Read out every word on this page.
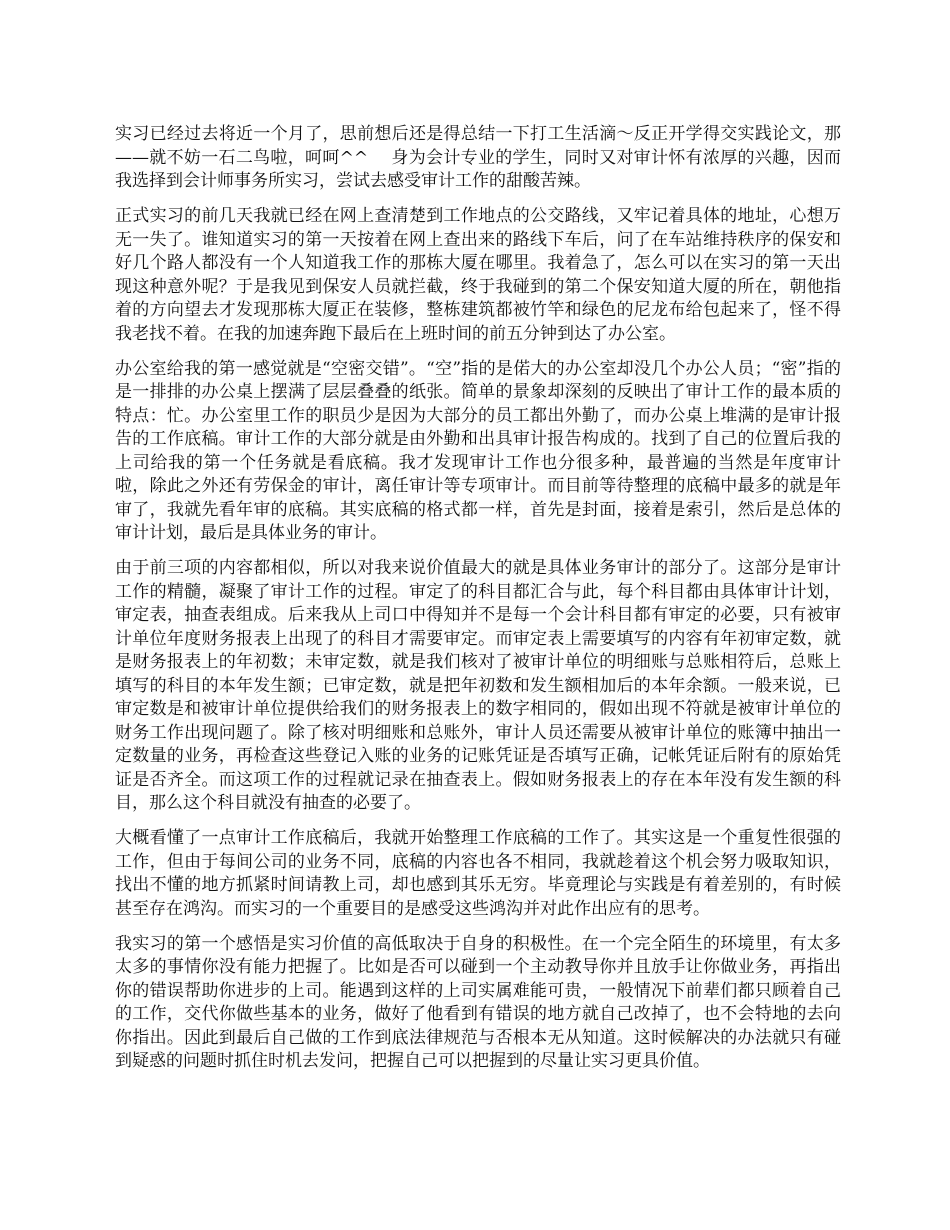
实习已经过去将近一个月了，思前想后还是得总结一下打工生活滴～反正开学得交实践论文，那——就不妨一石二鸟啦，呵呵^^　 身为会计专业的学生，同时又对审计怀有浓厚的兴趣，因而我选择到会计师事务所实习，尝试去感受审计工作的甜酸苦辣。

正式实习的前几天我就已经在网上查清楚到工作地点的公交路线，又牢记着具体的地址，心想万无一失了。谁知道实习的第一天按着在网上查出来的路线下车后，问了在车站维持秩序的保安和好几个路人都没有一个人知道我工作的那栋大厦在哪里。我着急了，怎么可以在实习的第一天出现这种意外呢？于是我见到保安人员就拦截，终于我碰到的第二个保安知道大厦的所在，朝他指着的方向望去才发现那栋大厦正在装修，整栋建筑都被竹竿和绿色的尼龙布给包起来了，怪不得我老找不着。在我的加速奔跑下最后在上班时间的前五分钟到达了办公室。

办公室给我的第一感觉就是“空密交错”。“空”指的是偌大的办公室却没几个办公人员；“密”指的是一排排的办公桌上摆满了层层叠叠的纸张。简单的景象却深刻的反映出了审计工作的最本质的特点：忙。办公室里工作的职员少是因为大部分的员工都出外勤了，而办公桌上堆满的是审计报告的工作底稿。审计工作的大部分就是由外勤和出具审计报告构成的。找到了自己的位置后我的上司给我的第一个任务就是看底稿。我才发现审计工作也分很多种，最普遍的当然是年度审计啦，除此之外还有劳保金的审计，离任审计等专项审计。而目前等待整理的底稿中最多的就是年审了，我就先看年审的底稿。其实底稿的格式都一样，首先是封面，接着是索引，然后是总体的审计计划，最后是具体业务的审计。

由于前三项的内容都相似，所以对我来说价值最大的就是具体业务审计的部分了。这部分是审计工作的精髓，凝聚了审计工作的过程。审定了的科目都汇合与此，每个科目都由具体审计计划，审定表，抽查表组成。后来我从上司口中得知并不是每一个会计科目都有审定的必要，只有被审计单位年度财务报表上出现了的科目才需要审定。而审定表上需要填写的内容有年初审定数，就是财务报表上的年初数；未审定数，就是我们核对了被审计单位的明细账与总账相符后，总账上填写的科目的本年发生额；已审定数，就是把年初数和发生额相加后的本年余额。一般来说，已审定数是和被审计单位提供给我们的财务报表上的数字相同的，假如出现不符就是被审计单位的财务工作出现问题了。除了核对明细账和总账外，审计人员还需要从被审计单位的账簿中抽出一定数量的业务，再检查这些登记入账的业务的记账凭证是否填写正确，记帐凭证后附有的原始凭证是否齐全。而这项工作的过程就记录在抽查表上。假如财务报表上的存在本年没有发生额的科目，那么这个科目就没有抽查的必要了。

大概看懂了一点审计工作底稿后，我就开始整理工作底稿的工作了。其实这是一个重复性很强的工作，但由于每间公司的业务不同，底稿的内容也各不相同，我就趁着这个机会努力吸取知识，找出不懂的地方抓紧时间请教上司，却也感到其乐无穷。毕竟理论与实践是有着差别的，有时候甚至存在鸿沟。而实习的一个重要目的是感受这些鸿沟并对此作出应有的思考。

我实习的第一个感悟是实习价值的高低取决于自身的积极性。在一个完全陌生的环境里，有太多太多的事情你没有能力把握了。比如是否可以碰到一个主动教导你并且放手让你做业务，再指出你的错误帮助你进步的上司。能遇到这样的上司实属难能可贵，一般情况下前辈们都只顾着自己的工作，交代你做些基本的业务，做好了他看到有错误的地方就自己改掉了，也不会特地的去向你指出。因此到最后自己做的工作到底法律规范与否根本无从知道。这时候解决的办法就只有碰到疑惑的问题时抓住时机去发问，把握自己可以把握到的尽量让实习更具价值。
